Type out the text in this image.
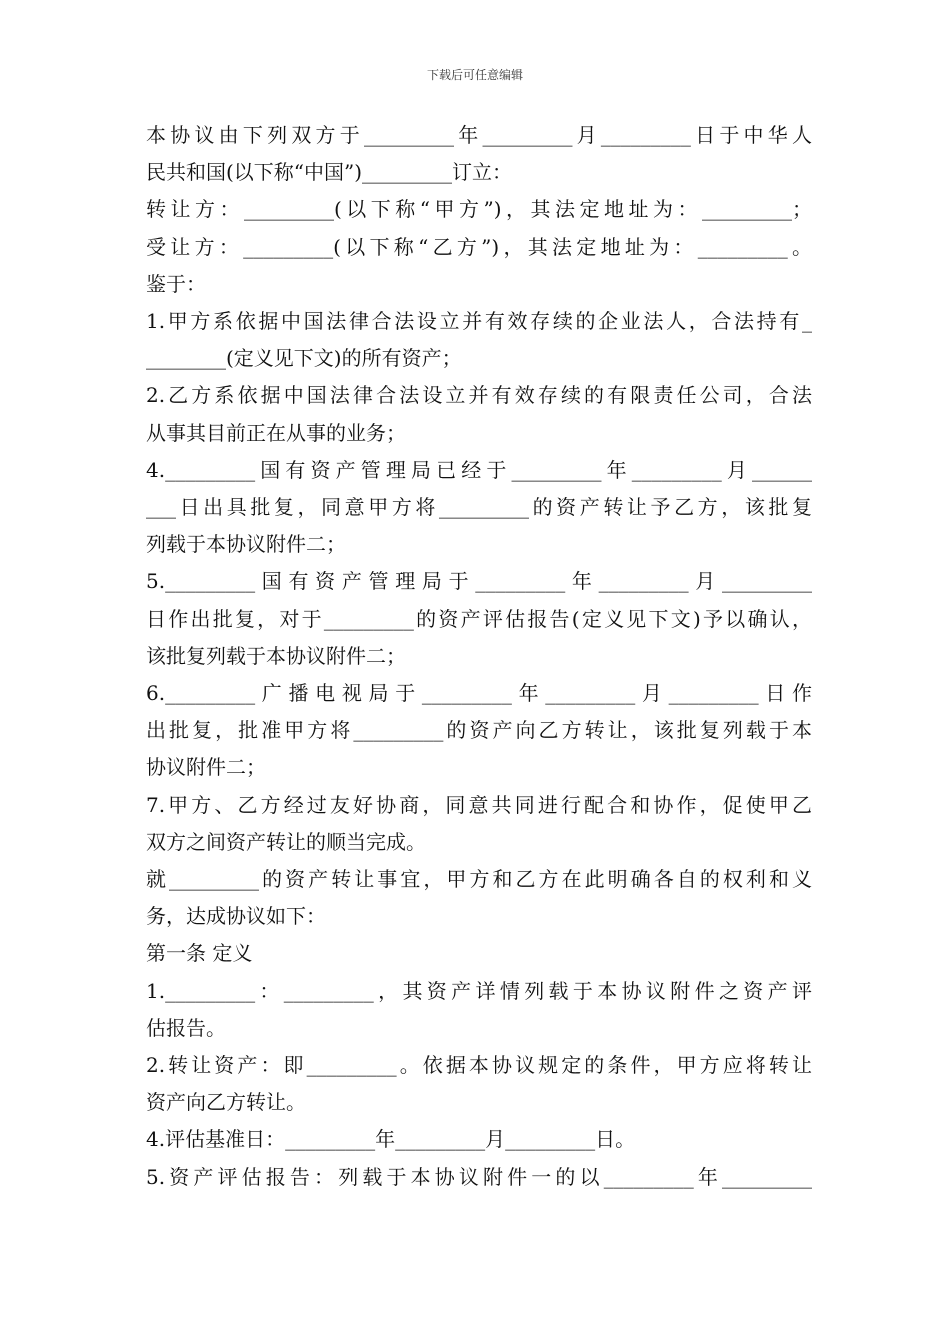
下载后可任意编辑
本协议由下列双方于_________年_________月_________日于中华人
民共和国(以下称“中国”)_________订立：
转让方：_________(以下称“甲方”)，其法定地址为：_________；
受让方：_________(以下称“乙方”)，其法定地址为：_________。
鉴于：
1.甲方系依据中国法律合法设立并有效存续的企业法人，合法持有_
________(定义见下文)的所有资产；
2.乙方系依据中国法律合法设立并有效存续的有限责任公司，合法
从事其目前正在从事的业务；
4._________国有资产管理局已经于_________年_________月______
___日出具批复，同意甲方将_________的资产转让予乙方，该批复
列载于本协议附件二；
5._________国有资产管理局于_________年_________月_________
日作出批复，对于_________的资产评估报告(定义见下文)予以确认，
该批复列载于本协议附件二；
6._________广播电视局于_________年_________月_________日作
出批复，批准甲方将_________的资产向乙方转让，该批复列载于本
协议附件二；
7.甲方、乙方经过友好协商，同意共同进行配合和协作，促使甲乙
双方之间资产转让的顺当完成。
就_________的资产转让事宜，甲方和乙方在此明确各自的权利和义
务，达成协议如下：
第一条 定义
1._________：_________，其资产详情列载于本协议附件之资产评
估报告。
2.转让资产：即_________。依据本协议规定的条件，甲方应将转让
资产向乙方转让。
4.评估基准日：_________年_________月_________日。
5.资产评估报告：列载于本协议附件一的以_________年_________
